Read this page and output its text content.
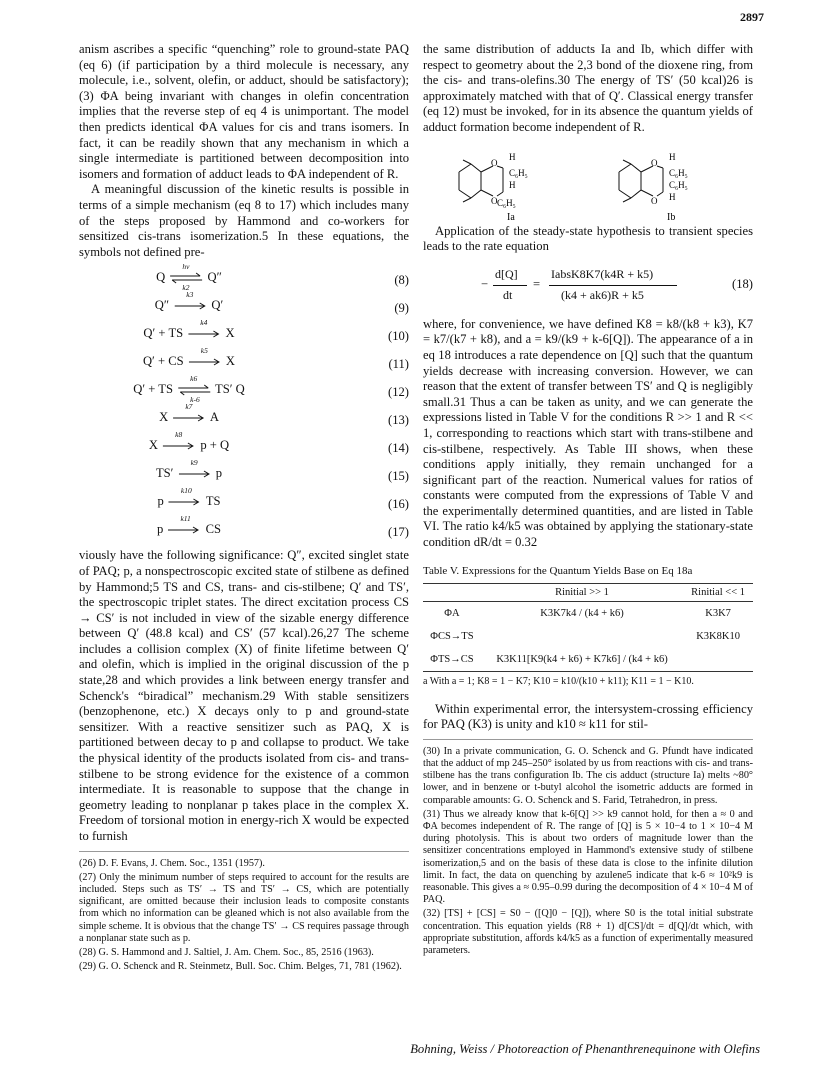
2897

anism ascribes a specific “quenching” role to ground-state PAQ (eq 6) (if participation by a third molecule is necessary, any molecule, i.e., solvent, olefin, or adduct, should be satisfactory); (3) ΦA being invariant with changes in olefin concentration implies that the reverse step of eq 4 is unimportant. The model then predicts identical ΦA values for cis and trans isomers. In fact, it can be readily shown that any mechanism in which a single intermediate is partitioned between decomposition into isomers and formation of adduct leads to ΦA independent of R.

A meaningful discussion of the kinetic results is possible in terms of a simple mechanism (eq 8 to 17) which includes many of the steps proposed by Hammond and co-workers for sensitized cis-trans isomerization.5 In these equations, the symbols not defined pre-

Q
hν
k2
Q″	(8)
Q″
k3
Q′	(9)
Q′ + TS
k4
X	(10)
Q′ + CS
k5
X	(11)
Q′ + TS
k6
k-6
TS′ Q	(12)
X
k7
A	(13)
X
k8
p + Q	(14)
TS′
k9
p	(15)
p
k10
TS	(16)
p
k11
CS	(17)

viously have the following significance: Q″, excited singlet state of PAQ; p, a nonspectroscopic excited state of stilbene as defined by Hammond;5 TS and CS, trans- and cis-stilbene; Q′ and TS′, the spectroscopic triplet states. The direct excitation process CS → CS′ is not included in view of the sizable energy difference between Q′ (48.8 kcal) and CS′ (57 kcal).26,27 The scheme includes a collision complex (X) of finite lifetime between Q′ and olefin, which is implied in the original discussion of the p state,28 and which provides a link between energy transfer and Schenck's “biradical” mechanism.29 With stable sensitizers (benzophenone, etc.) X decays only to p and ground-state sensitizer. With a reactive sensitizer such as PAQ, X is partitioned between decay to p and collapse to product. We take the physical identity of the products isolated from cis- and trans-stilbene to be strong evidence for the existence of a common intermediate. It is reasonable to suppose that the change in geometry leading to nonplanar p takes place in the complex X. Freedom of torsional motion in energy-rich X would be expected to furnish

(26) D. F. Evans, J. Chem. Soc., 1351 (1957).

(27) Only the minimum number of steps required to account for the results are included. Steps such as TS′ → TS and TS′ → CS, which are potentially significant, are omitted because their inclusion leads to composite constants from which no information can be gleaned which is not also available from the simple scheme. It is obvious that the change TS′ → CS requires passage through a nonplanar state such as p.

(28) G. S. Hammond and J. Saltiel, J. Am. Chem. Soc., 85, 2516 (1963).

(29) G. O. Schenck and R. Steinmetz, Bull. Soc. Chim. Belges, 71, 781 (1962).

the same distribution of adducts Ia and Ib, which differ with respect to geometry about the 2,3 bond of the dioxene ring, from the cis- and trans-olefins.30 The energy of TS′ (50 kcal)26 is approximately matched with that of Q′. Classical energy transfer (eq 12) must be invoked, for in its absence the quantum yields of adduct formation become independent of R.

O
O
H
C₆H₅
H
C₆H₅
Ia
O
O
H
C₆H₅
C₆H₅
H
Ib

Application of the steady-state hypothesis to transient species leads to the rate equation

−
d[Q]
dt
=
IabsK8K7(k4R + k5)
(k4 + ak6)R + k5
(18)

where, for convenience, we have defined K8 = k8/(k8 + k3), K7 = k7/(k7 + k8), and a = k9/(k9 + k-6[Q]). The appearance of a in eq 18 introduces a rate dependence on [Q] such that the quantum yields decrease with increasing conversion. However, we can reason that the extent of transfer between TS′ and Q is negligibly small.31 Thus a can be taken as unity, and we can generate the expressions listed in Table V for the conditions R >> 1 and R << 1, corresponding to reactions which start with trans-stilbene and cis-stilbene, respectively. As Table III shows, when these conditions apply initially, they remain unchanged for a significant part of the reaction. Numerical values for ratios of constants were computed from the expressions of Table V and the experimentally determined quantities, and are listed in Table VI. The ratio k4/k5 was obtained by applying the stationary-state condition dR/dt = 0.32

Table V. Expressions for the Quantum Yields Base on Eq 18a
	Rinitial >> 1	Rinitial << 1
ΦA	K3K7k4 / (k4 + k6)	K3K7
ΦCS→TS		K3K8K10
ΦTS→CS	K3K11[K9(k4 + k6) + K7k6] / (k4 + k6)	
a With a = 1; K8 = 1 − K7; K10 = k10/(k10 + k11); K11 = 1 − K10.

Within experimental error, the intersystem-crossing efficiency for PAQ (K3) is unity and k10 ≈ k11 for stil-

(30) In a private communication, G. O. Schenck and G. Pfundt have indicated that the adduct of mp 245–250° isolated by us from reactions with cis- and trans-stilbene has the trans configuration Ib. The cis adduct (structure Ia) melts ~80° lower, and in benzene or t-butyl alcohol the isometric adducts are formed in comparable amounts: G. O. Schenck and S. Farid, Tetrahedron, in press.

(31) Thus we already know that k-6[Q] >> k9 cannot hold, for then a ≈ 0 and ΦA becomes independent of R. The range of [Q] is 5 × 10−4 to 1 × 10−4 M during photolysis. This is about two orders of magnitude lower than the sensitizer concentrations employed in Hammond's extensive study of stilbene isomerization,5 and on the basis of these data is close to the infinite dilution limit. In fact, the data on quenching by azulene5 indicate that k-6 ≈ 10²k9 is reasonable. This gives a ≈ 0.95–0.99 during the decomposition of 4 × 10−4 M of PAQ.

(32) [TS] + [CS] = S0 − ([Q]0 − [Q]), where S0 is the total initial substrate concentration. This equation yields (R8 + 1) d[CS]/dt = d[Q]/dt which, with appropriate substitution, affords k4/k5 as a function of experimentally measured parameters.

Bohning, Weiss / Photoreaction of Phenanthrenequinone with Olefins
